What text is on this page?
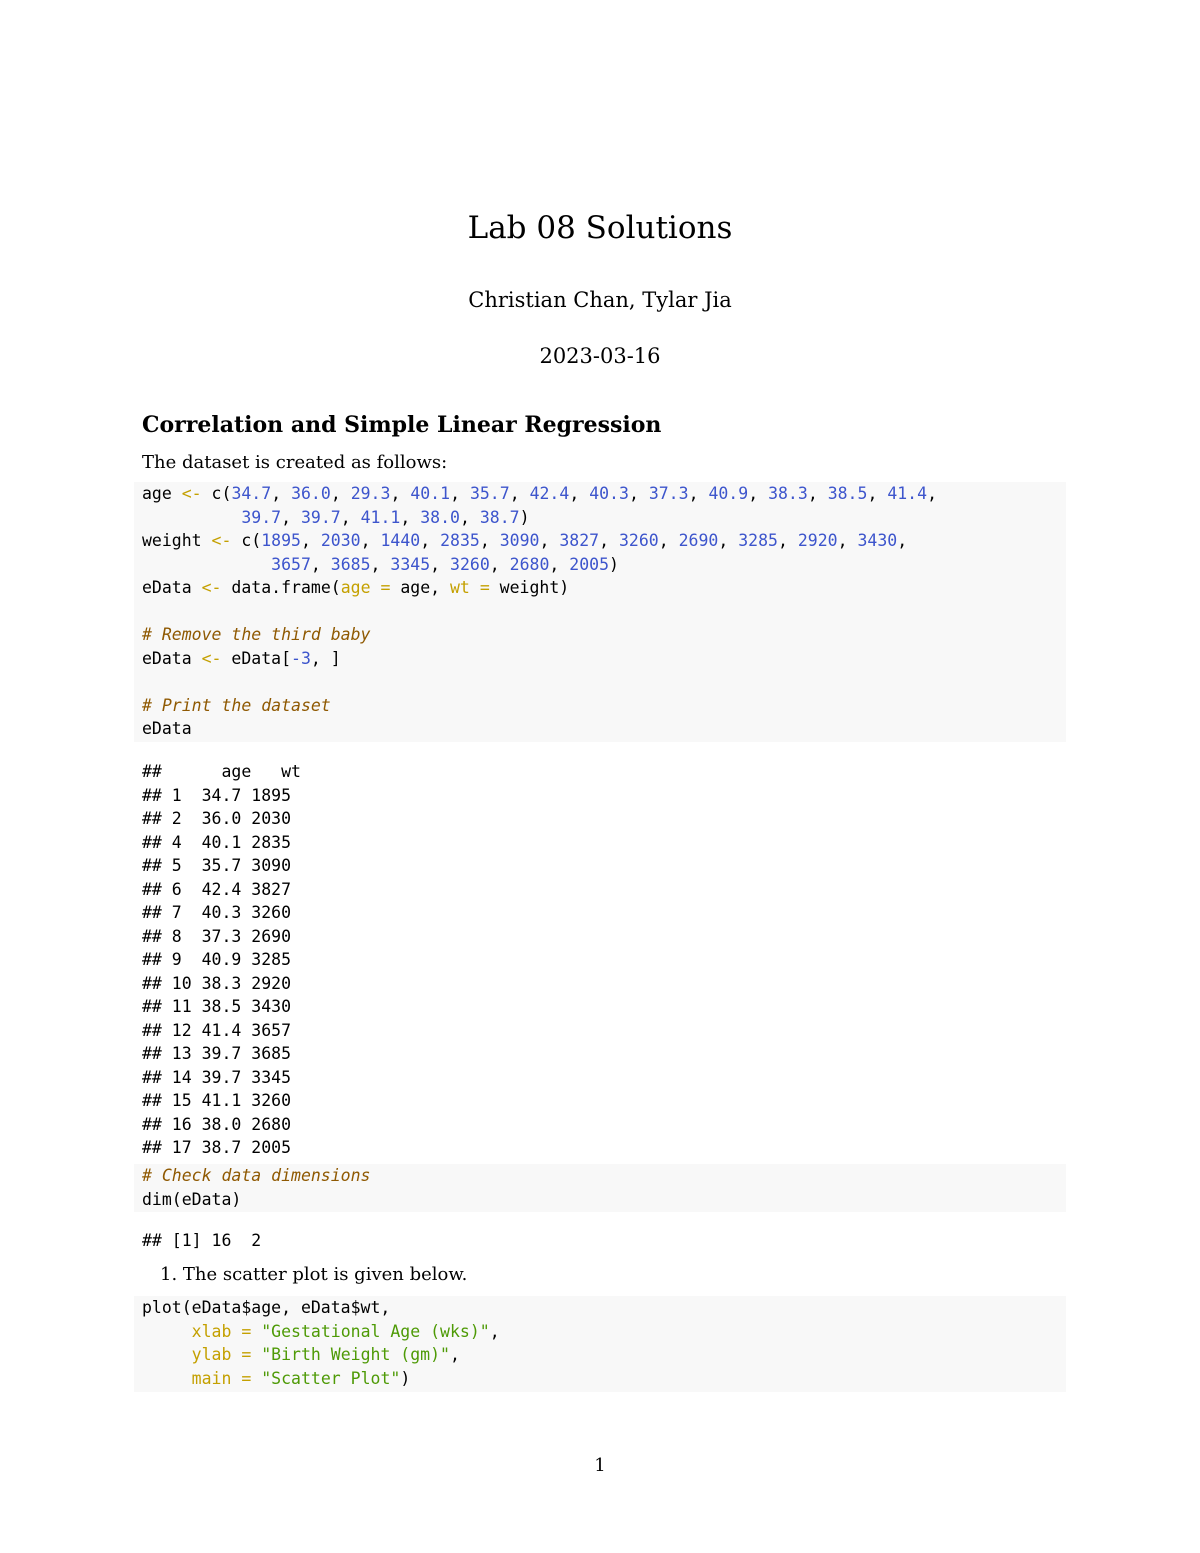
Lab 08 Solutions
Christian Chan, Tylar Jia
2023-03-16
Correlation and Simple Linear Regression
The dataset is created as follows:
age <- c(34.7, 36.0, 29.3, 40.1, 35.7, 42.4, 40.3, 37.3, 40.9, 38.3, 38.5, 41.4,
39.7, 39.7, 41.1, 38.0, 38.7)
weight <- c(1895, 2030, 1440, 2835, 3090, 3827, 3260, 2690, 3285, 2920, 3430,
3657, 3685, 3345, 3260, 2680, 2005)
eData <- data.frame(age = age, wt = weight)

# Remove the third baby
eData <- eData[-3, ]

# Print the dataset
eData
##      age   wt
## 1  34.7 1895
## 2  36.0 2030
## 4  40.1 2835
## 5  35.7 3090
## 6  42.4 3827
## 7  40.3 3260
## 8  37.3 2690
## 9  40.9 3285
## 10 38.3 2920
## 11 38.5 3430
## 12 41.4 3657
## 13 39.7 3685
## 14 39.7 3345
## 15 41.1 3260
## 16 38.0 2680
## 17 38.7 2005
# Check data dimensions
dim(eData)
## [1] 16  2
1. The scatter plot is given below.
plot(eData$age, eData$wt,
xlab = "Gestational Age (wks)",
ylab = "Birth Weight (gm)",
main = "Scatter Plot")
1
